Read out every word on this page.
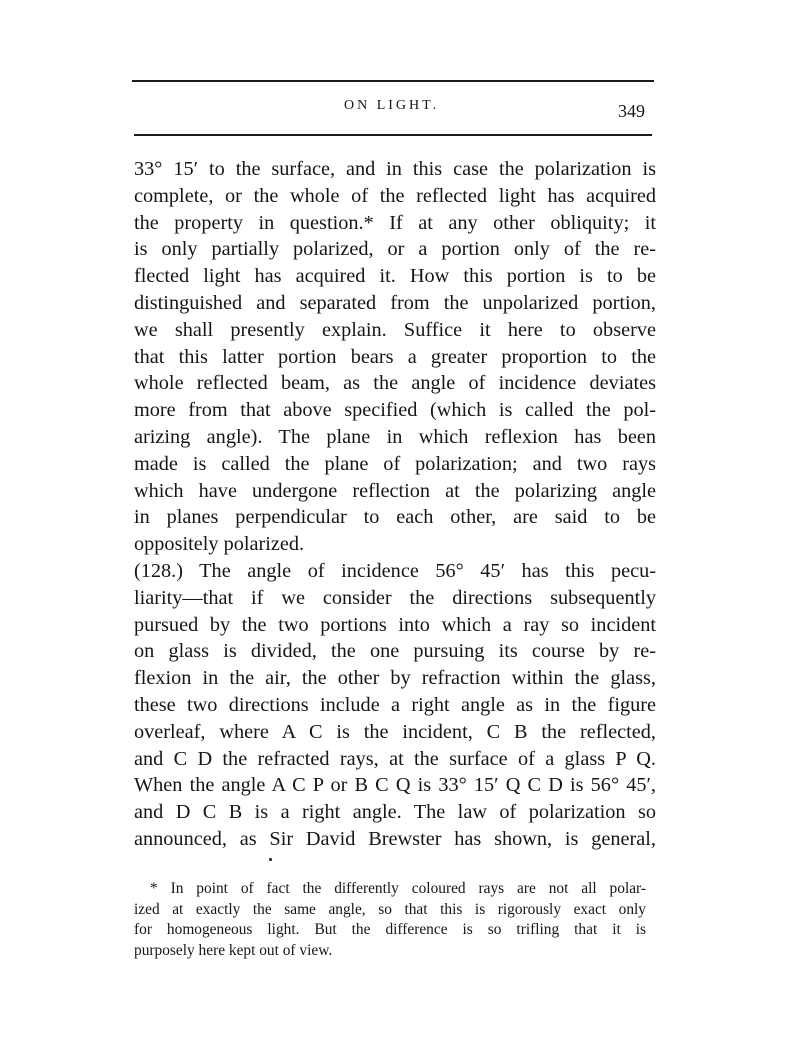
ON LIGHT.	349
33° 15′ to the surface, and in this case the polarization is
complete, or the whole of the reflected light has acquired
the property in question.* If at any other obliquity; it
is only partially polarized, or a portion only of the re-
flected light has acquired it. How this portion is to be
distinguished and separated from the unpolarized portion,
we shall presently explain. Suffice it here to observe
that this latter portion bears a greater proportion to the
whole reflected beam, as the angle of incidence deviates
more from that above specified (which is called the pol-
arizing angle). The plane in which reflexion has been
made is called the plane of polarization; and two rays
which have undergone reflection at the polarizing angle
in planes perpendicular to each other, are said to be
oppositely polarized.
(128.) The angle of incidence 56° 45′ has this pecu-
liarity—that if we consider the directions subsequently
pursued by the two portions into which a ray so incident
on glass is divided, the one pursuing its course by re-
flexion in the air, the other by refraction within the glass,
these two directions include a right angle as in the figure
overleaf, where A C is the incident, C B the reflected,
and C D the refracted rays, at the surface of a glass P Q.
When the angle A C P or B C Q is 33° 15′ Q C D is 56° 45′,
and D C B is a right angle. The law of polarization so
announced, as Sir David Brewster has shown, is general,
* In point of fact the differently coloured rays are not all polar-
ized at exactly the same angle, so that this is rigorously exact only
for homogeneous light. But the difference is so trifling that it is
purposely here kept out of view.
